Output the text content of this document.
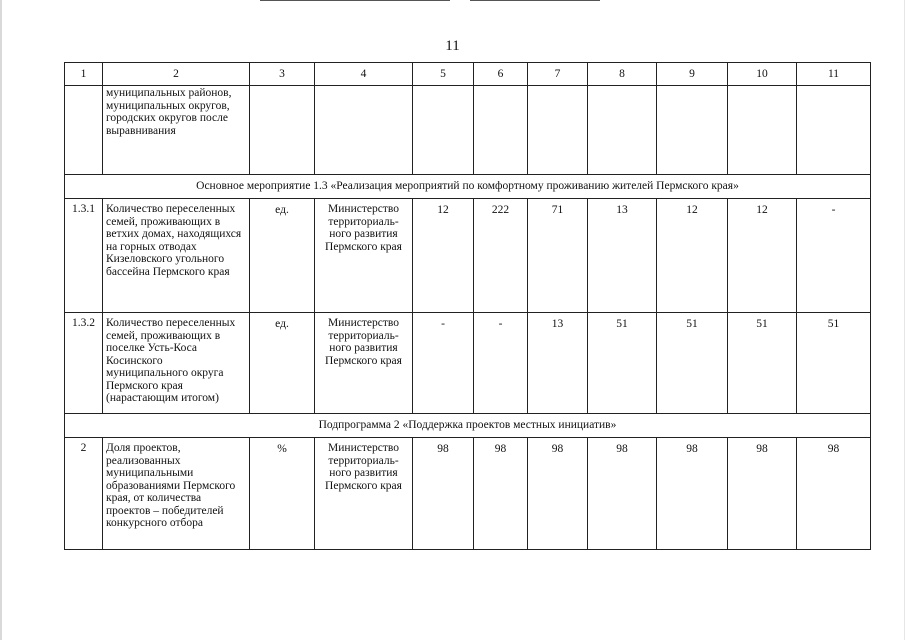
11
1	2	3	4	5	6	7	8	9	10	11
	муниципальных районов, муниципальных округов, городских округов после выравнивания									
Основное мероприятие 1.3 «Реализация мероприятий по комфортному проживанию жителей Пермского края»										
1.3.1	Количество переселенных семей, проживающих в ветхих домах, находящихся на горных отводах Кизеловского угольного бассейна Пермского края	ед.	Министерство территориаль-ного развития Пермского края	12	222	71	13	12	12	-
1.3.2	Количество переселенных семей, проживающих в поселке Усть-Коса Косинского муниципального округа Пермского края (нарастающим итогом)	ед.	Министерство территориаль-ного развития Пермского края	-	-	13	51	51	51	51
Подпрограмма 2 «Поддержка проектов местных инициатив»										
2	Доля проектов, реализованных муниципальными образованиями Пермского края, от количества проектов – победителей конкурсного отбора	%	Министерство территориаль-ного развития Пермского края	98	98	98	98	98	98	98
